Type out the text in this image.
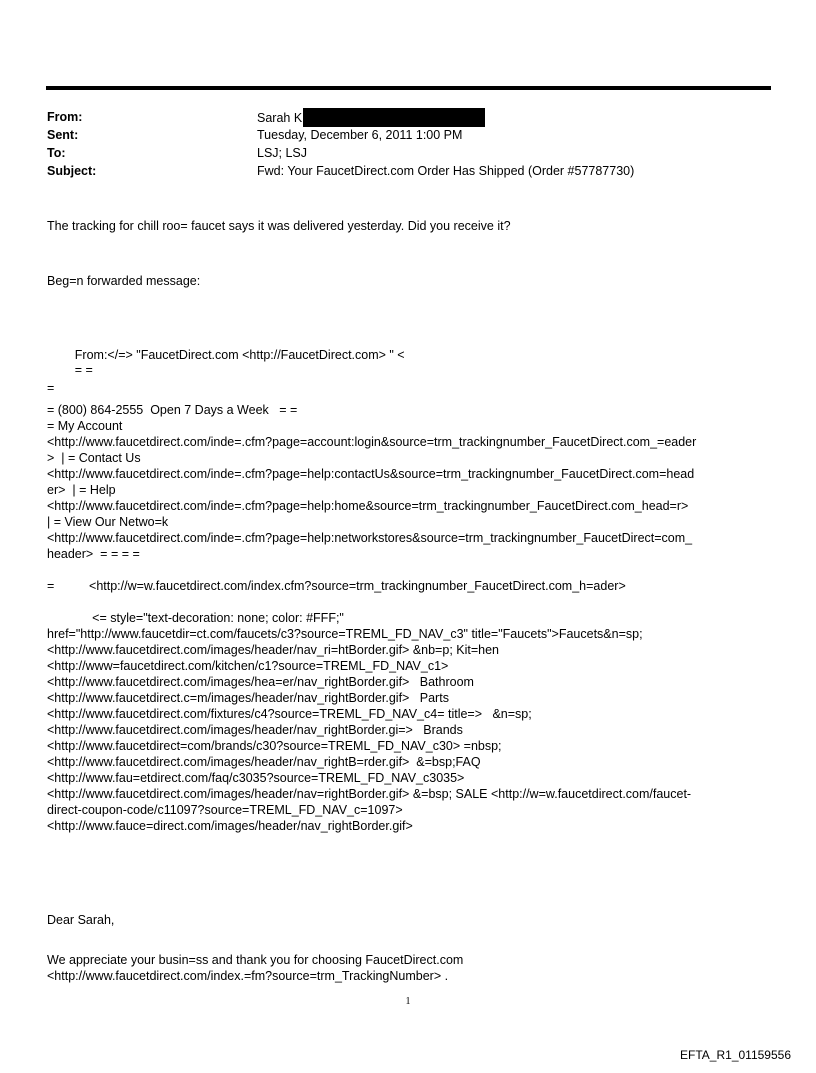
From:	Sarah K
Sent:	Tuesday, December 6, 2011 1:00 PM
To:	LSJ; LSJ
Subject:	Fwd: Your FaucetDirect.com Order Has Shipped (Order #57787730)
The tracking for chill roo= faucet says it was delivered yesterday. Did you receive it?
Beg=n forwarded message:
From:</=> "FaucetDirect.com <http://FaucetDirect.com> " <
= =
=
= (800) 864-2555  Open 7 Days a Week   = =
= My Account
<http://www.faucetdirect.com/inde=.cfm?page=account:login&source=trm_trackingnumber_FaucetDirect.com_=eader
>  | = Contact Us
<http://www.faucetdirect.com/inde=.cfm?page=help:contactUs&source=trm_trackingnumber_FaucetDirect.com=head
er>  | = Help
<http://www.faucetdirect.com/inde=.cfm?page=help:home&source=trm_trackingnumber_FaucetDirect.com_head=r>
| = View Our Netwo=k
<http://www.faucetdirect.com/inde=.cfm?page=help:networkstores&source=trm_trackingnumber_FaucetDirect=com_
header>  = = = =

=          <http://w=w.faucetdirect.com/index.cfm?source=trm_trackingnumber_FaucetDirect.com_h=ader>

<= style="text-decoration: none; color: #FFF;"
href="http://www.faucetdir=ct.com/faucets/c3?source=TREML_FD_NAV_c3" title="Faucets">Faucets&n=sp;
<http://www.faucetdirect.com/images/header/nav_ri=htBorder.gif> &nb=p; Kit=hen
<http://www=faucetdirect.com/kitchen/c1?source=TREML_FD_NAV_c1>
<http://www.faucetdirect.com/images/hea=er/nav_rightBorder.gif>   Bathroom
<http://www.faucetdirect.c=m/images/header/nav_rightBorder.gif>   Parts
<http://www.faucetdirect.com/fixtures/c4?source=TREML_FD_NAV_c4= title=>   &n=sp;
<http://www.faucetdirect.com/images/header/nav_rightBorder.gi=>   Brands
<http://www.faucetdirect=com/brands/c30?source=TREML_FD_NAV_c30> =nbsp;
<http://www.faucetdirect.com/images/header/nav_rightB=rder.gif>  &=bsp;FAQ
<http://www.fau=etdirect.com/faq/c3035?source=TREML_FD_NAV_c3035>
<http://www.faucetdirect.com/images/header/nav=rightBorder.gif> &=bsp; SALE <http://w=w.faucetdirect.com/faucet-
direct-coupon-code/c11097?source=TREML_FD_NAV_c=1097>
<http://www.fauce=direct.com/images/header/nav_rightBorder.gif>
Dear Sarah,
We appreciate your busin=ss and thank you for choosing FaucetDirect.com
<http://www.faucetdirect.com/index.=fm?source=trm_TrackingNumber> .
1
EFTA_R1_01159556
